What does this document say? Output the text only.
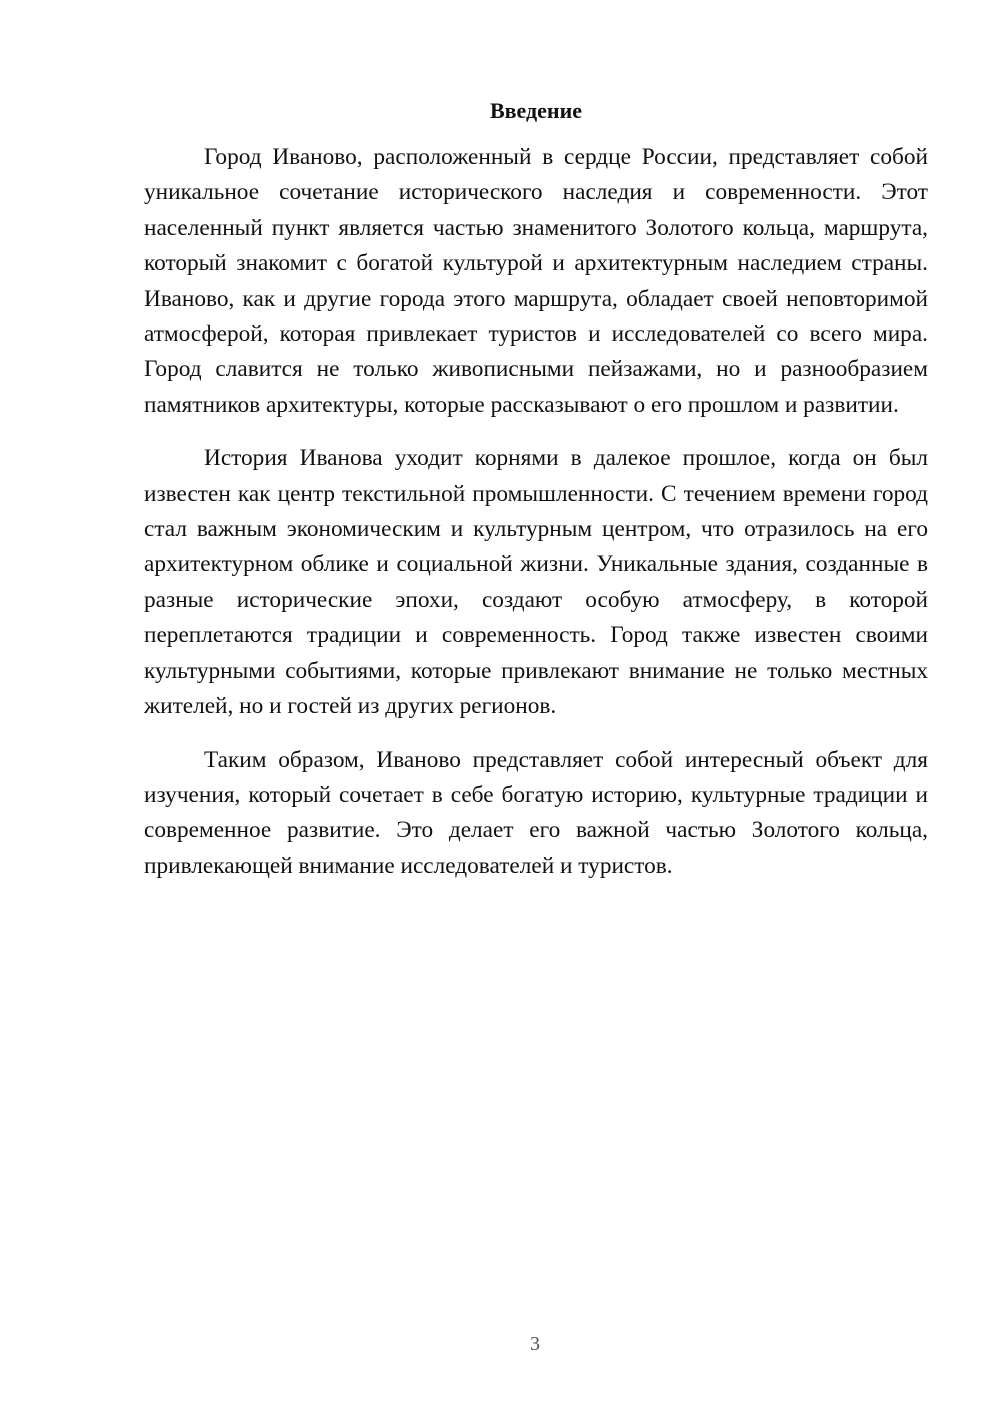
Введение

Город Иваново, расположенный в сердце России, представляет собой уникальное сочетание исторического наследия и современности. Этот населенный пункт является частью знаменитого Золотого кольца, маршрута, который знакомит с богатой культурой и архитектурным наследием страны. Иваново, как и другие города этого маршрута, обладает своей неповторимой атмосферой, которая привлекает туристов и исследователей со всего мира. Город славится не только живописными пейзажами, но и разнообразием памятников архитектуры, которые рассказывают о его прошлом и развитии.

История Иванова уходит корнями в далекое прошлое, когда он был известен как центр текстильной промышленности. С течением времени город стал важным экономическим и культурным центром, что отразилось на его архитектурном облике и социальной жизни. Уникальные здания, созданные в разные исторические эпохи, создают особую атмосферу, в которой переплетаются традиции и современность. Город также известен своими культурными событиями, которые привлекают внимание не только местных жителей, но и гостей из других регионов.

Таким образом, Иваново представляет собой интересный объект для изучения, который сочетает в себе богатую историю, культурные традиции и современное развитие. Это делает его важной частью Золотого кольца, привлекающей внимание исследователей и туристов.

3
